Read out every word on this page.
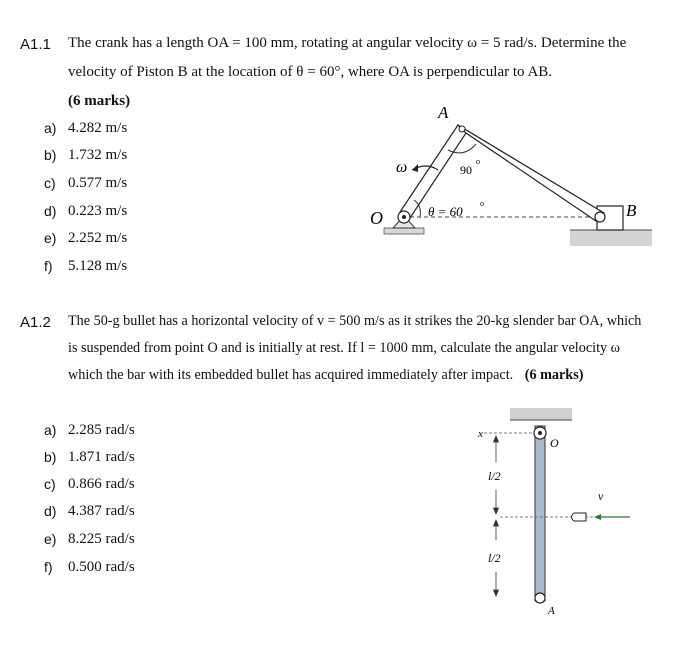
A1.1 The crank has a length OA = 100 mm, rotating at angular velocity ω = 5 rad/s. Determine the
velocity of Piston B at the location of θ = 60°, where OA is perpendicular to AB.
(6 marks)
a) 4.282 m/s
b) 1.732 m/s
c) 0.577 m/s
d) 0.223 m/s
e) 2.252 m/s
f) 5.128 m/s
A
B
O
ω	90
o
θ = 60
o
A1.2 The 50-g bullet has a horizontal velocity of v = 500 m/s as it strikes the 20-kg slender bar OA, which
is suspended from point O and is initially at rest. If l = 1000 mm, calculate the angular velocity ω
which the bar with its embedded bullet has acquired immediately after impact. (6 marks)
a) 2.285 rad/s
b) 1.871 rad/s
c) 0.866 rad/s
d) 4.387 rad/s
e) 8.225 rad/s
f) 0.500 rad/s
x
O
A
v
l/2
l/2
